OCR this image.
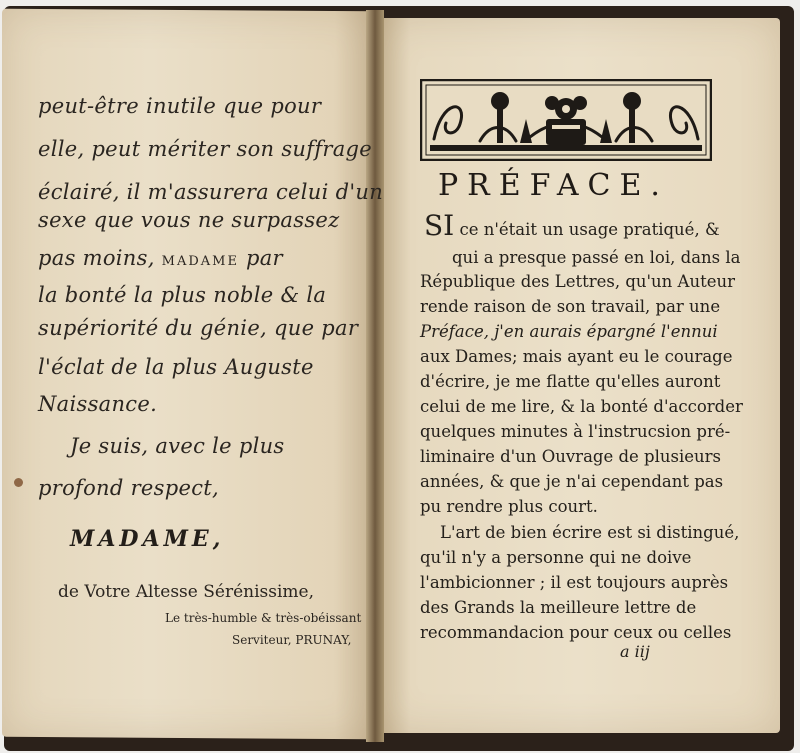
peut-être inutile que pour
elle, peut mériter son suffrage
éclairé, il m'assurera celui d'un
sexe que vous ne surpassez
pas moins, MADAME par
la bonté la plus noble & la
supériorité du génie, que par
l'éclat de la plus Auguste
Naissance.
Je suis, avec le plus
profond respect,
MADAME,
de Votre Altesse Sérénissime,
Le très-humble & très-obéissant
Serviteur, PRUNAY,
PRÉFACE.
SI ce n'était un usage pratiqué, &
qui a presque passé en loi, dans la
République des Lettres, qu'un Auteur
rende raison de son travail, par une
Préface, j'en aurais épargné l'ennui
aux Dames; mais ayant eu le courage
d'écrire, je me flatte qu'elles auront
celui de me lire, & la bonté d'accorder
quelques minutes à l'instrucsion pré-
liminaire d'un Ouvrage de plusieurs
années, & que je n'ai cependant pas
pu rendre plus court.
L'art de bien écrire est si distingué,
qu'il n'y a personne qui ne doive
l'ambicionner ; il est toujours auprès
des Grands la meilleure lettre de
recommandacion pour ceux ou celles
a iij
